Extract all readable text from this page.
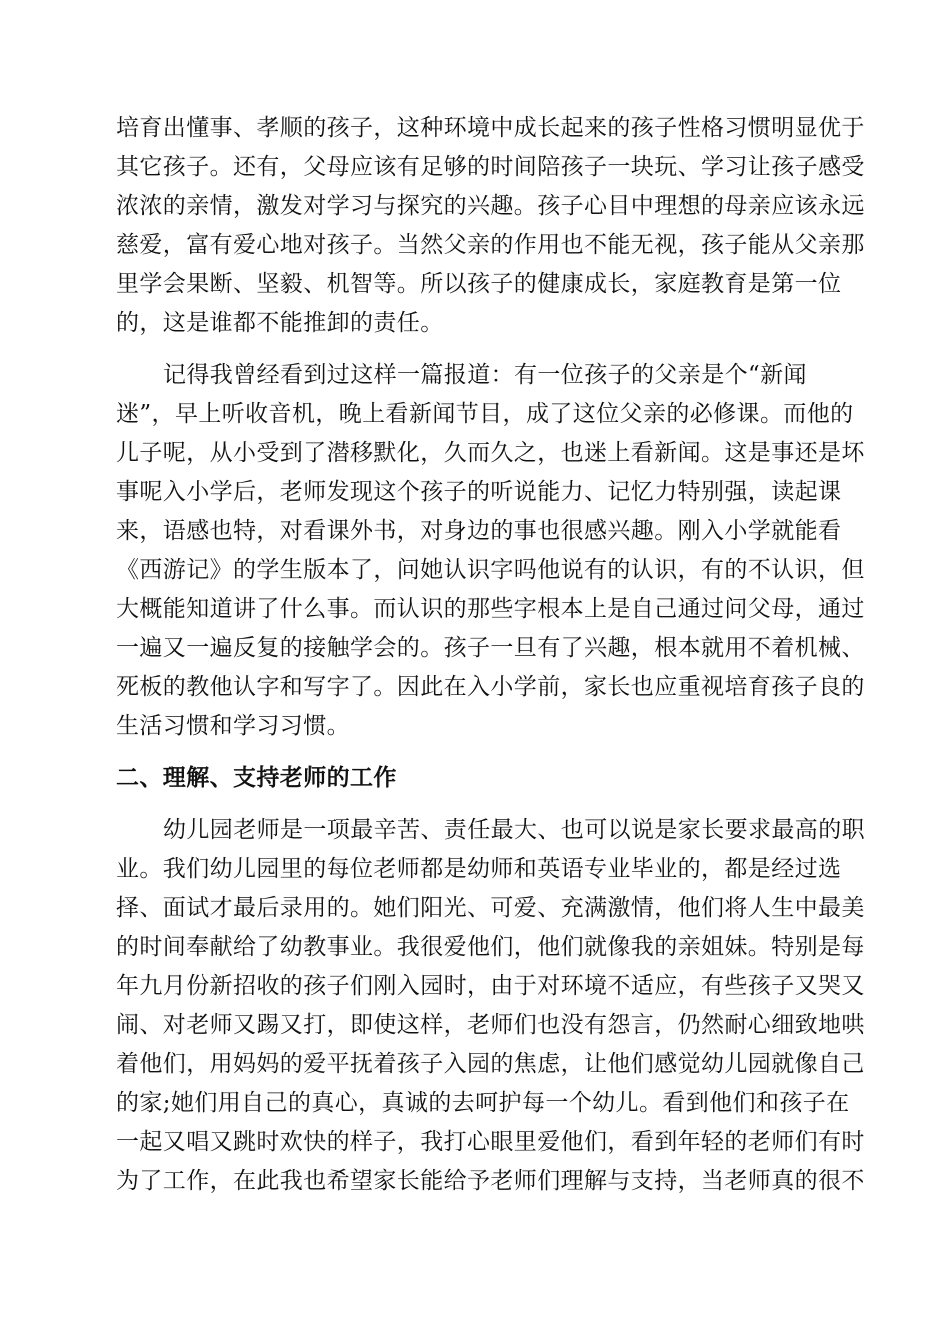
培育出懂事、孝顺的孩子，这种环境中成长起来的孩子性格习惯明显优于
其它孩子。还有，父母应该有足够的时间陪孩子一块玩、学习让孩子感受
浓浓的亲情，激发对学习与探究的兴趣。孩子心目中理想的母亲应该永远
慈爱，富有爱心地对孩子。当然父亲的作用也不能无视，孩子能从父亲那
里学会果断、坚毅、机智等。所以孩子的健康成长，家庭教育是第一位
的，这是谁都不能推卸的责任。
记得我曾经看到过这样一篇报道：有一位孩子的父亲是个“新闻
迷”，早上听收音机，晚上看新闻节目，成了这位父亲的必修课。而他的
儿子呢，从小受到了潜移默化，久而久之，也迷上看新闻。这是事还是坏
事呢入小学后，老师发现这个孩子的听说能力、记忆力特别强，读起课
来，语感也特，对看课外书，对身边的事也很感兴趣。刚入小学就能看
《西游记》的学生版本了，问她认识字吗他说有的认识，有的不认识，但
大概能知道讲了什么事。而认识的那些字根本上是自己通过问父母，通过
一遍又一遍反复的接触学会的。孩子一旦有了兴趣，根本就用不着机械、
死板的教他认字和写字了。因此在入小学前，家长也应重视培育孩子良的
生活习惯和学习习惯。
二、理解、支持老师的工作
幼儿园老师是一项最辛苦、责任最大、也可以说是家长要求最高的职
业。我们幼儿园里的每位老师都是幼师和英语专业毕业的，都是经过选
择、面试才最后录用的。她们阳光、可爱、充满激情，他们将人生中最美
的时间奉献给了幼教事业。我很爱他们，他们就像我的亲姐妹。特别是每
年九月份新招收的孩子们刚入园时，由于对环境不适应，有些孩子又哭又
闹、对老师又踢又打，即使这样，老师们也没有怨言，仍然耐心细致地哄
着他们，用妈妈的爱平抚着孩子入园的焦虑，让他们感觉幼儿园就像自己
的家;她们用自己的真心，真诚的去呵护每一个幼儿。看到他们和孩子在
一起又唱又跳时欢快的样子，我打心眼里爱他们，看到年轻的老师们有时
为了工作，在此我也希望家长能给予老师们理解与支持，当老师真的很不
